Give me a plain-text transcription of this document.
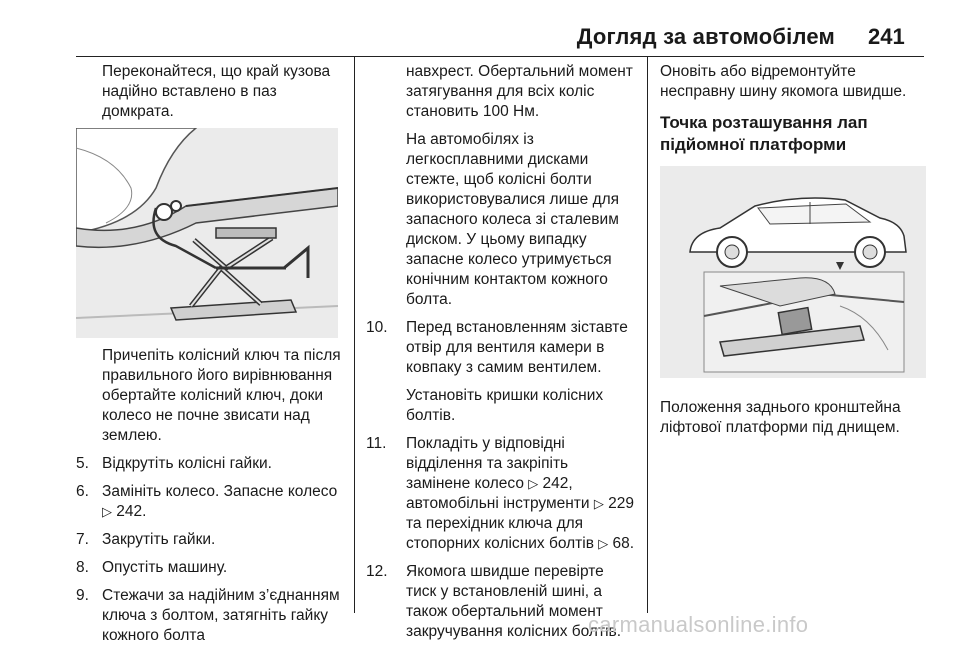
Догляд за автомобілем 241

Переконайтеся, що край кузова надійно вставлено в паз домкрата.

Причепіть колісний ключ та після правильного його вирівнювання обертайте колісний ключ, доки колесо не почне звисати над землею.

5. Відкрутіть колісні гайки.
6. Замініть колесо. Запасне колесо ▷ 242.
7. Закрутіть гайки.
8. Опустіть машину.
9. Стежачи за надійним з’єднанням ключа з болтом, затягніть гайку кожного болта

навхрест. Обертальний момент затягування для всіх коліс становить 100 Нм.

На автомобілях із легкосплавними дисками стежте, щоб колісні болти використовувалися лише для запасного колеса зі сталевим диском. У цьому випадку запасне колесо утримується конічним контактом кожного болта.

10. Перед встановленням зіставте отвір для вентиля камери в ковпаку з самим вентилем.

Установіть кришки колісних болтів.

11. Покладіть у відповідні відділення та закріпіть замінене колесо ▷ 242, автомобільні інструменти ▷ 229 та перехідник ключа для стопорних колісних болтів ▷ 68.
12. Якомога швидше перевірте тиск у встановленій шині, а також обертальний момент закручування колісних болтів.

Оновіть або відремонтуйте несправну шину якомога швидше.

Точка розташування лап підйомної платформи

Положення заднього кронштейна ліфтової платформи під днищем.

carmanualsonline.info
